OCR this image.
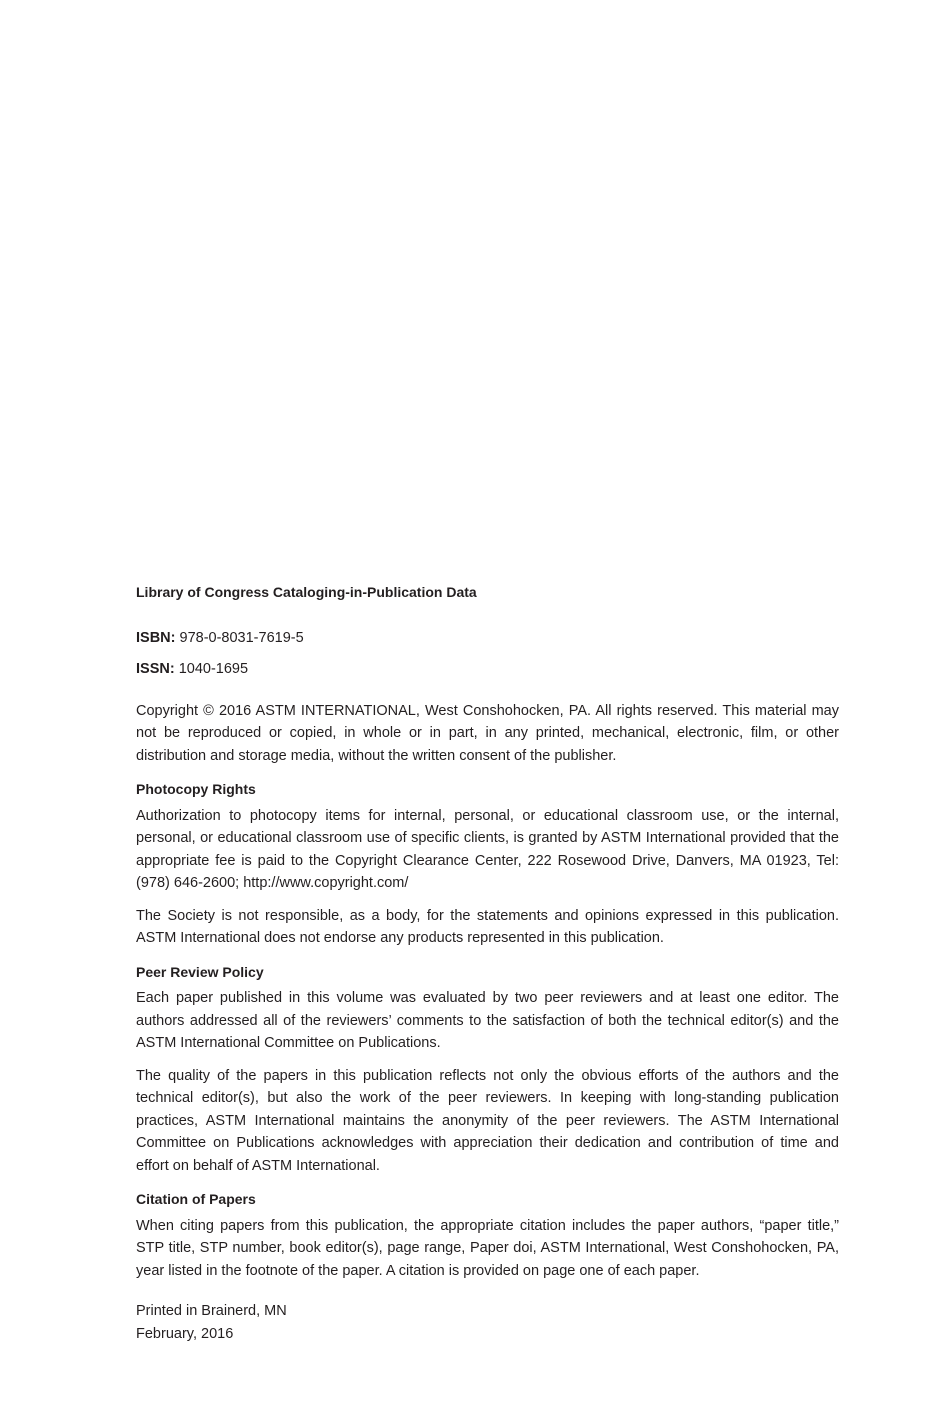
Library of Congress Cataloging-in-Publication Data

ISBN: 978-0-8031-7619-5

ISSN: 1040-1695

Copyright © 2016 ASTM INTERNATIONAL, West Conshohocken, PA. All rights reserved. This material may not be reproduced or copied, in whole or in part, in any printed, mechanical, electronic, film, or other distribution and storage media, without the written consent of the publisher.

Photocopy Rights

Authorization to photocopy items for internal, personal, or educational classroom use, or the internal, personal, or educational classroom use of specific clients, is granted by ASTM International provided that the appropriate fee is paid to the Copyright Clearance Center, 222 Rosewood Drive, Danvers, MA 01923, Tel: (978) 646-2600; http://www.copyright.com/

The Society is not responsible, as a body, for the statements and opinions expressed in this publication. ASTM International does not endorse any products represented in this publication.

Peer Review Policy

Each paper published in this volume was evaluated by two peer reviewers and at least one editor. The authors addressed all of the reviewers’ comments to the satisfaction of both the technical editor(s) and the ASTM International Committee on Publications.

The quality of the papers in this publication reflects not only the obvious efforts of the authors and the technical editor(s), but also the work of the peer reviewers. In keeping with long-standing publication practices, ASTM International maintains the anonymity of the peer reviewers. The ASTM International Committee on Publications acknowledges with appreciation their dedication and contribution of time and effort on behalf of ASTM International.

Citation of Papers

When citing papers from this publication, the appropriate citation includes the paper authors, “paper title,” STP title, STP number, book editor(s), page range, Paper doi, ASTM International, West Conshohocken, PA, year listed in the footnote of the paper. A citation is provided on page one of each paper.

Printed in Brainerd, MN
February, 2016
